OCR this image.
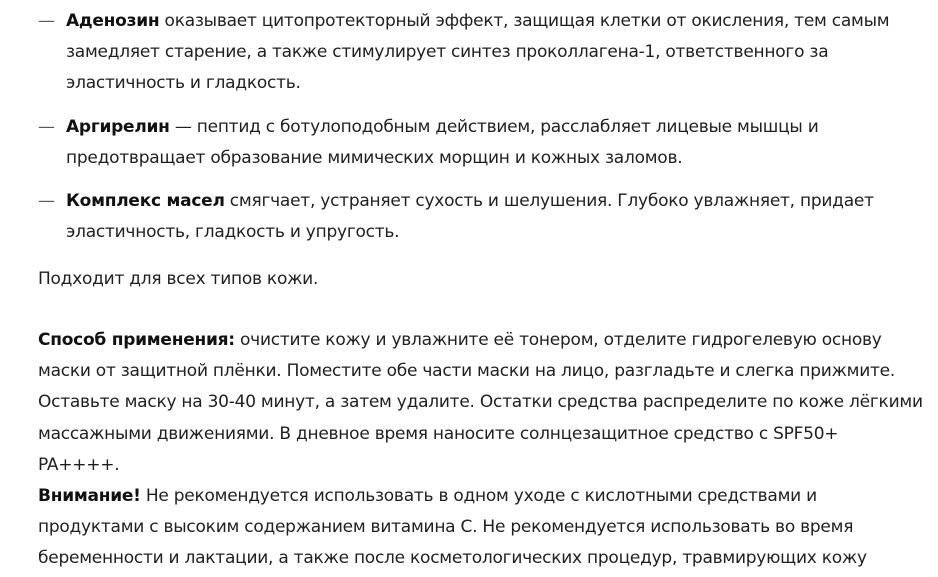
— Аденозин оказывает цитопротекторный эффект, защищая клетки от окисления, тем самым замедляет старение, а также стимулирует синтез проколлагена-1, ответственного за эластичность и гладкость.
— Аргирелин — пептид с ботулоподобным действием, расслабляет лицевые мышцы и предотвращает образование мимических морщин и кожных заломов.
— Комплекс масел смягчает, устраняет сухость и шелушения. Глубоко увлажняет, придает эластичность, гладкость и упругость.

Подходит для всех типов кожи.

Способ применения: очистите кожу и увлажните её тонером, отделите гидрогелевую основу маски от защитной плёнки. Поместите обе части маски на лицо, разгладьте и слегка прижмите. Оставьте маску на 30-40 минут, а затем удалите. Остатки средства распределите по коже лёгкими массажными движениями. В дневное время наносите солнцезащитное средство с SPF50+ PA++++.

Внимание! Не рекомендуется использовать в одном уходе с кислотными средствами и продуктами с высоким содержанием витамина С. Не рекомендуется использовать во время беременности и лактации, а также после косметологических процедур, травмирующих кожу
